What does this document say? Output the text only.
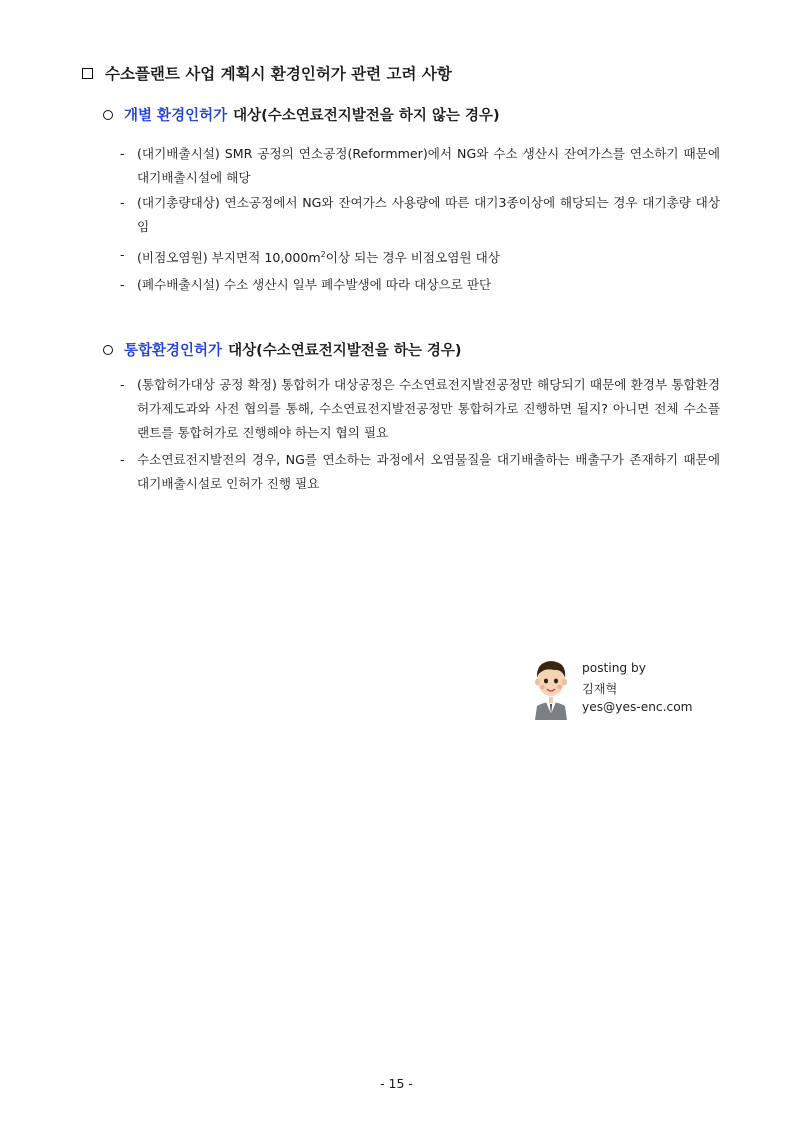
수소플랜트 사업 계획시 환경인허가 관련 고려 사항
개별 환경인허가 대상(수소연료전지발전을 하지 않는 경우)
- (대기배출시설) SMR 공정의 연소공정(Reformmer)에서 NG와 수소 생산시 잔여가스를 연소하기 때문에 대기배출시설에 해당
- (대기총량대상) 연소공정에서 NG와 잔여가스 사용량에 따른 대기3종이상에 해당되는 경우 대기총량 대상임
- (비점오염원) 부지면적 $10,000m^2$이상 되는 경우 비점오염원 대상
- (폐수배출시설) 수소 생산시 일부 폐수발생에 따라 대상으로 판단
통합환경인허가 대상(수소연료전지발전을 하는 경우)
- (통합허가대상 공정 확정) 통합허가 대상공정은 수소연료전지발전공정만 해당되기 때문에 환경부 통합환경허가제도과와 사전 협의를 통해, 수소연료전지발전공정만 통합허가로 진행하면 될지? 아니면 전체 수소플랜트를 통합허가로 진행해야 하는지 협의 필요
- 수소연료전지발전의 경우, NG를 연소하는 과정에서 오염물질을 대기배출하는 배출구가 존재하기 때문에 대기배출시설로 인허가 진행 필요
posting by
김재혁
yes@yes-enc.com
- 15 -
